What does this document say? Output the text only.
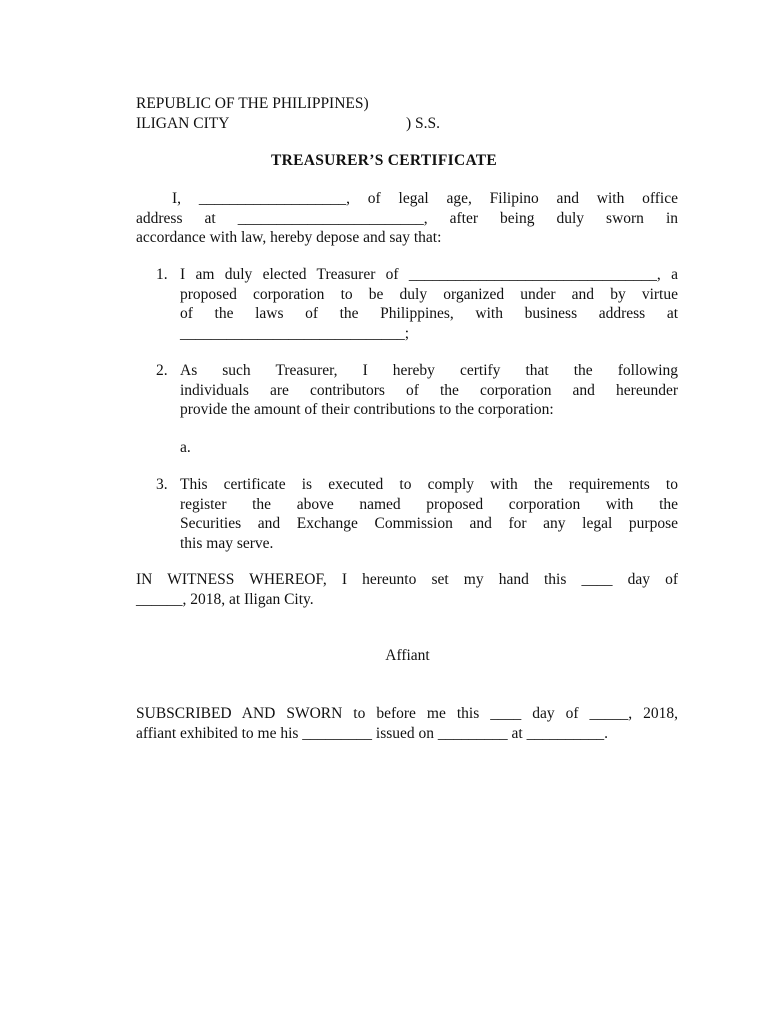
REPUBLIC OF THE PHILIPPINES)
ILIGAN CITY	) S.S.
TREASURER’S CERTIFICATE
I, ___________________, of legal age, Filipino and with office
address at ________________________, after being duly sworn in
accordance with law, hereby depose and say that:
1. I am duly elected Treasurer of ________________________________, a
proposed corporation to be duly organized under and by virtue
of the laws of the Philippines, with business address at
_____________________________;
2. As such Treasurer, I hereby certify that the following
individuals are contributors of the corporation and hereunder
provide the amount of their contributions to the corporation:
a.
3. This certificate is executed to comply with the requirements to
register the above named proposed corporation with the
Securities and Exchange Commission and for any legal purpose
this may serve.
IN WITNESS WHEREOF, I hereunto set my hand this ____ day of
______, 2018, at Iligan City.
Affiant
SUBSCRIBED AND SWORN to before me this ____ day of _____, 2018,
affiant exhibited to me his _________ issued on _________ at __________.
